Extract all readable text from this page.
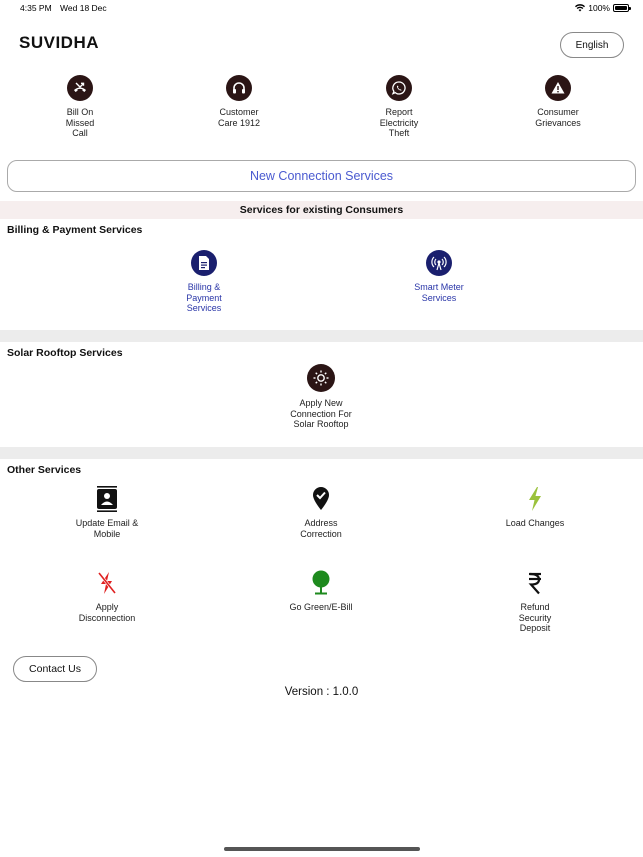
4:35 PM Wed 18 Dec	100%
SUVIDHA	English
Bill On
Missed
Call
Customer
Care 1912
Report
Electricity
Theft
Consumer
Grievances
New Connection Services
Services for existing Consumers
Billing & Payment Services
Billing &
Payment
Services
Smart Meter
Services
Solar Rooftop Services
Apply New
Connection For
Solar Rooftop
Other Services
Update Email &
Mobile
Address
Correction
Load Changes
Apply
Disconnection
Go Green/E-Bill	Refund
Security
Deposit
Contact Us
Version : 1.0.0
